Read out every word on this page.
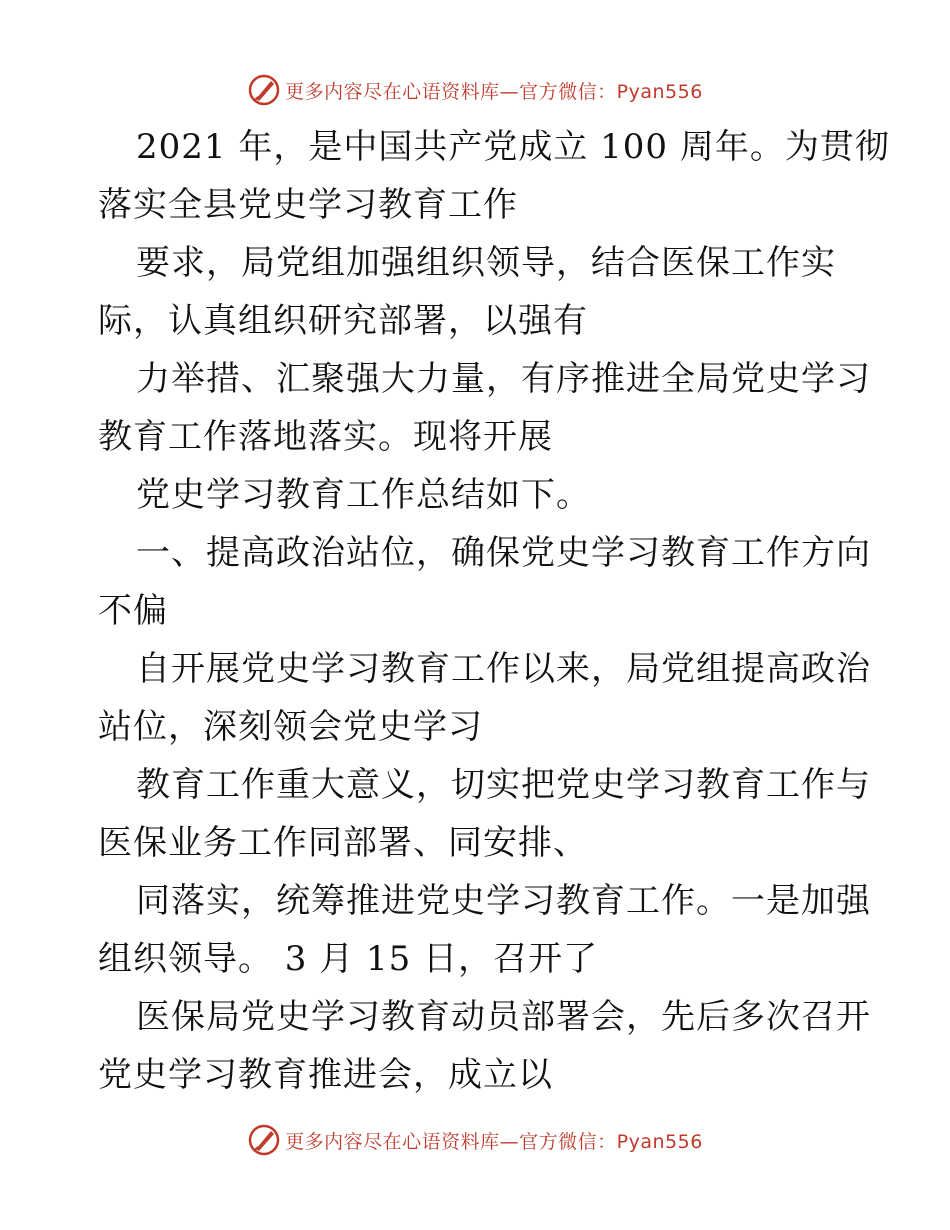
更多内容尽在心语资料库—官方微信：Pyan556
2021 年，是中国共产党成立 100 周年。为贯彻
落实全县党史学习教育工作
要求，局党组加强组织领导，结合医保工作实
际，认真组织研究部署，以强有
力举措、汇聚强大力量，有序推进全局党史学习
教育工作落地落实。现将开展
党史学习教育工作总结如下。
一、提高政治站位，确保党史学习教育工作方向
不偏
自开展党史学习教育工作以来，局党组提高政治
站位，深刻领会党史学习
教育工作重大意义，切实把党史学习教育工作与
医保业务工作同部署、同安排、
同落实，统筹推进党史学习教育工作。一是加强
组织领导。 3 月 15 日，召开了
医保局党史学习教育动员部署会，先后多次召开
党史学习教育推进会，成立以
更多内容尽在心语资料库—官方微信：Pyan556
